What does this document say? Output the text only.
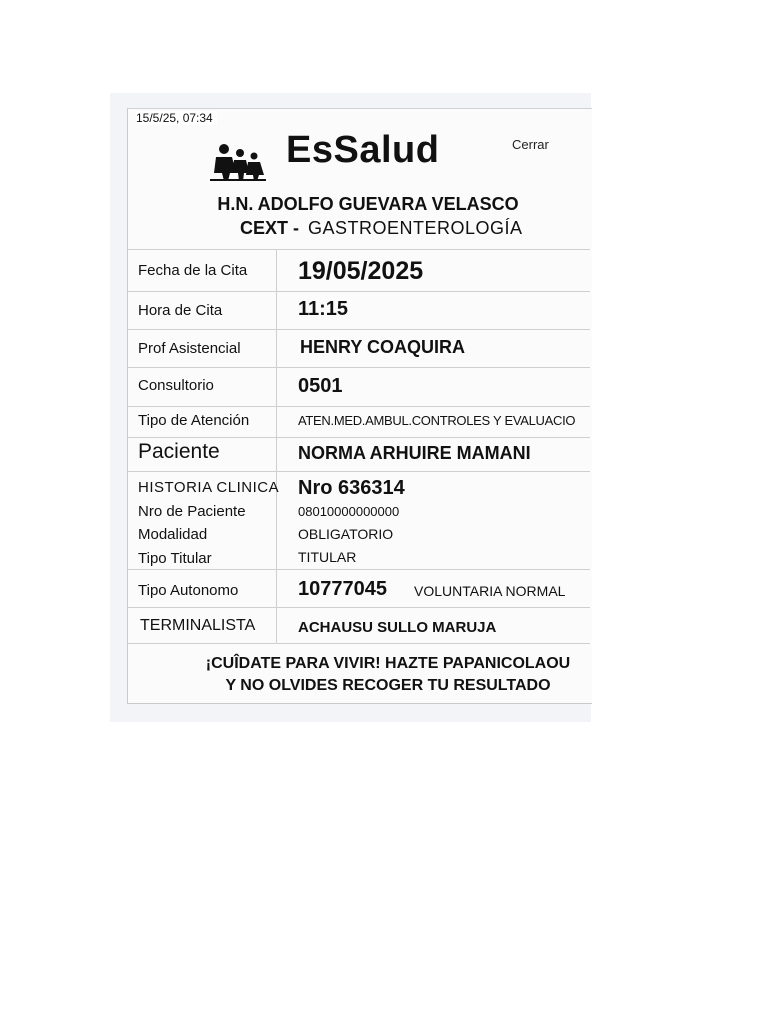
15/5/25, 07:34
EsSalud	Cerrar
H.N. ADOLFO GUEVARA VELASCO
CEXT - GASTROENTEROLOGÍA
Fecha de la Cita 19/05/2025
Hora de Cita	11:15
Prof Asistencial	HENRY COAQUIRA
Consultorio	0501
Tipo de Atención	ATEN.MED.AMBUL.CONTROLES Y EVALUACIO
Paciente	NORMA ARHUIRE MAMANI
HISTORIA CLINICA Nro 636314
Nro de Paciente	08010000000000
Modalidad	OBLIGATORIO
Tipo Titular	TITULAR
Tipo Autonomo	10777045 VOLUNTARIA NORMAL
TERMINALISTA	ACHAUSU SULLO MARUJA
¡CUÎDATE PARA VIVIR! HAZTE PAPANICOLAOU
Y NO OLVIDES RECOGER TU RESULTADO
